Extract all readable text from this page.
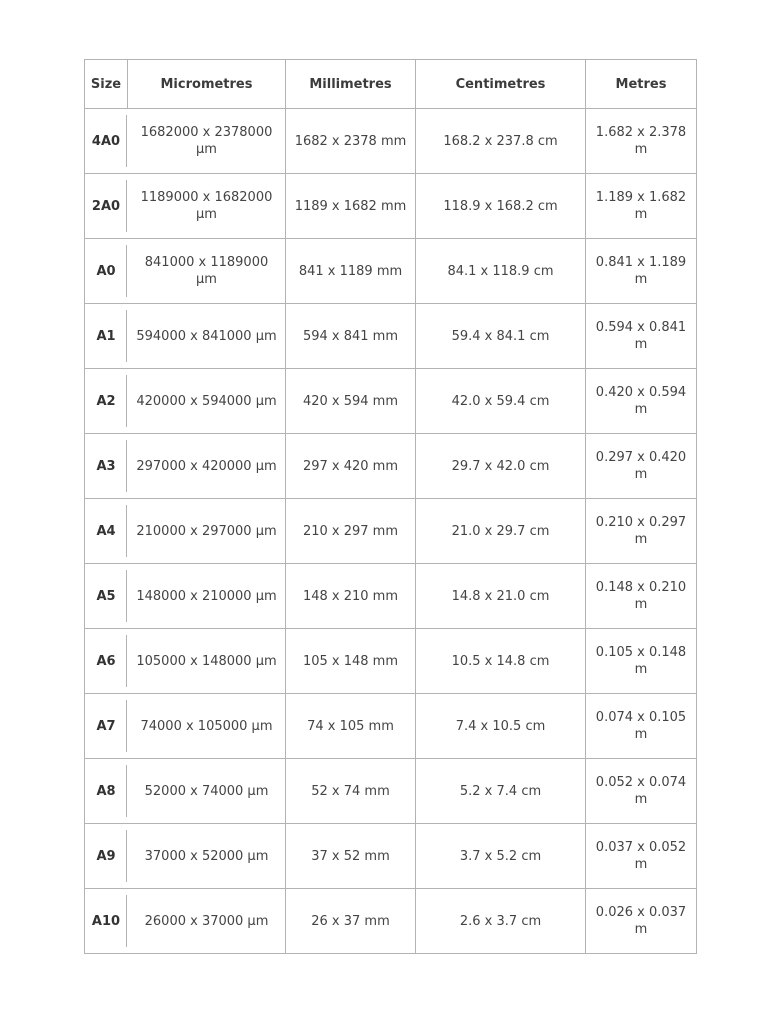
Size	Micrometres	Millimetres	Centimetres	Metres
4A0	1682000 x 2378000 µm	1682 x 2378 mm	168.2 x 237.8 cm	1.682 x 2.378 m
2A0	1189000 x 1682000 µm	1189 x 1682 mm	118.9 x 168.2 cm	1.189 x 1.682 m
A0	841000 x 1189000 µm	841 x 1189 mm	84.1 x 118.9 cm	0.841 x 1.189 m
A1	594000 x 841000 µm	594 x 841 mm	59.4 x 84.1 cm	0.594 x 0.841 m
A2	420000 x 594000 µm	420 x 594 mm	42.0 x 59.4 cm	0.420 x 0.594 m
A3	297000 x 420000 µm	297 x 420 mm	29.7 x 42.0 cm	0.297 x 0.420 m
A4	210000 x 297000 µm	210 x 297 mm	21.0 x 29.7 cm	0.210 x 0.297 m
A5	148000 x 210000 µm	148 x 210 mm	14.8 x 21.0 cm	0.148 x 0.210 m
A6	105000 x 148000 µm	105 x 148 mm	10.5 x 14.8 cm	0.105 x 0.148 m
A7	74000 x 105000 µm	74 x 105 mm	7.4 x 10.5 cm	0.074 x 0.105 m
A8	52000 x 74000 µm	52 x 74 mm	5.2 x 7.4 cm	0.052 x 0.074 m
A9	37000 x 52000 µm	37 x 52 mm	3.7 x 5.2 cm	0.037 x 0.052 m
A10	26000 x 37000 µm	26 x 37 mm	2.6 x 3.7 cm	0.026 x 0.037 m
